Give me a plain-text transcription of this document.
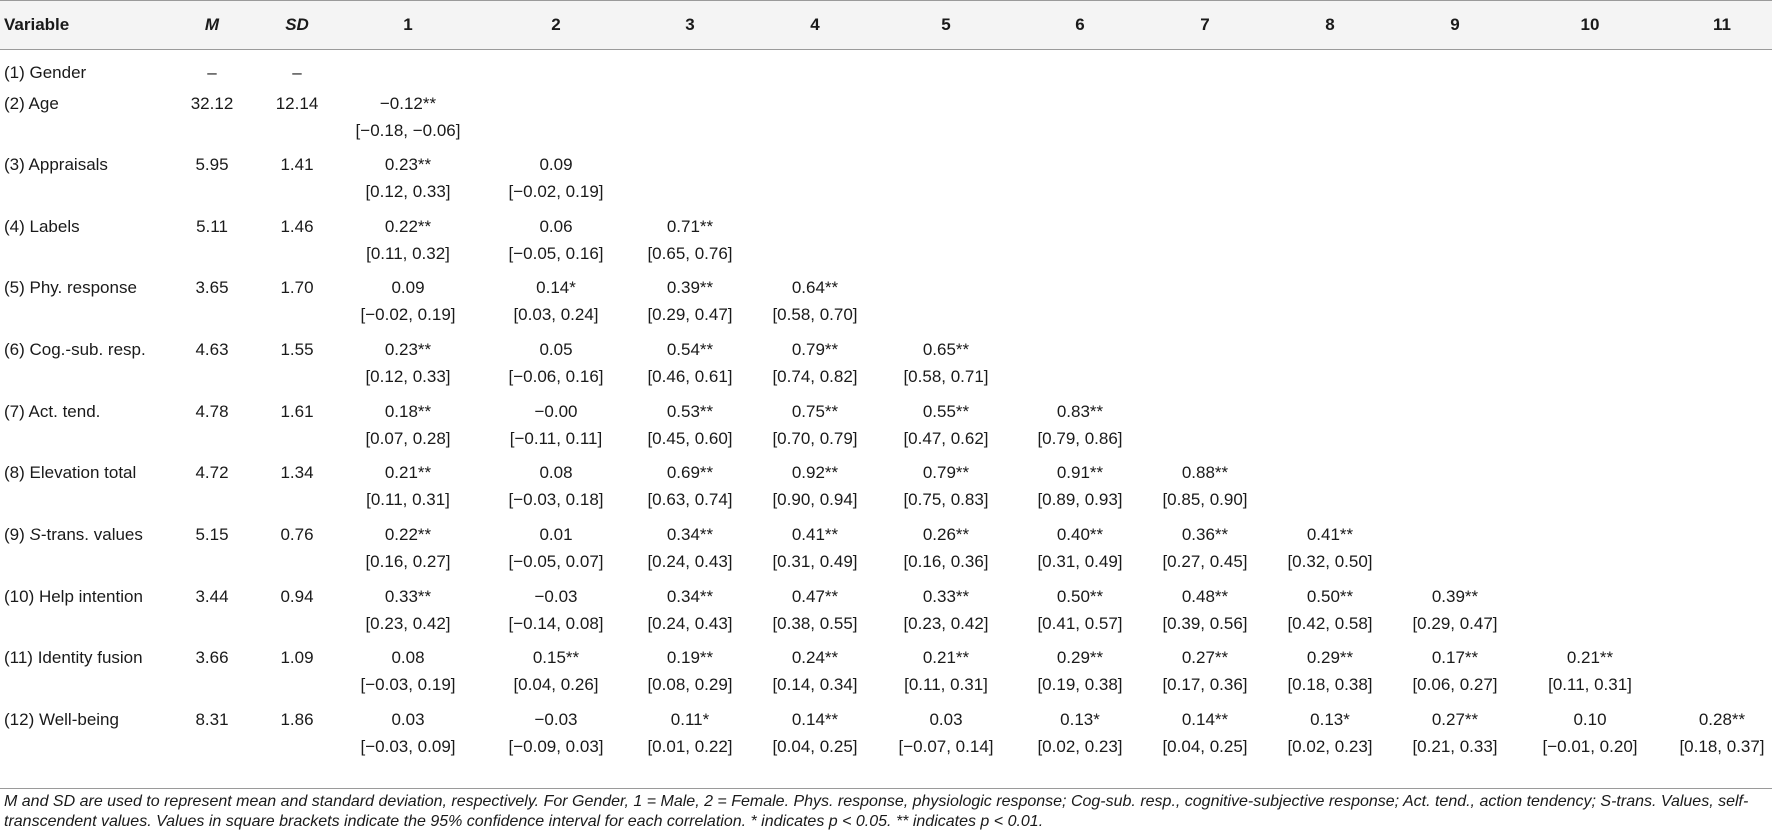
Variable	M	SD	1	2	3	4	5	6	7	8	9	10	11
(1) Gender	–	–
(2) Age	32.12 12.14	−0.12**
[−0.18, −0.06]
(3) Appraisals	5.95	1.41	0.23**	0.09
[0.12, 0.33]	[−0.02, 0.19]
(4) Labels	5.11	1.46	0.22**	0.06	0.71**
[0.11, 0.32]	[−0.05, 0.16]	[0.65, 0.76]
(5) Phy. response	3.65	1.70	0.09	0.14*	0.39**	0.64**
[−0.02, 0.19]	[0.03, 0.24]	[0.29, 0.47] [0.58, 0.70]
(6) Cog.-sub. resp.	4.63	1.55	0.23**	0.05	0.54**	0.79**	0.65**
[0.12, 0.33]	[−0.06, 0.16]	[0.46, 0.61] [0.74, 0.82]	[0.58, 0.71]
(7) Act. tend.	4.78	1.61	0.18**	−0.00	0.53**	0.75**	0.55**	0.83**
[0.07, 0.28]	[−0.11, 0.11]	[0.45, 0.60] [0.70, 0.79]	[0.47, 0.62]	[0.79, 0.86]
(8) Elevation total	4.72	1.34	0.21**	0.08	0.69**	0.92**	0.79**	0.91**	0.88**
[0.11, 0.31]	[−0.03, 0.18]	[0.63, 0.74] [0.90, 0.94]	[0.75, 0.83]	[0.89, 0.93] [0.85, 0.90]
(9) S-trans. values	5.15	0.76	0.22**	0.01	0.34**	0.41**	0.26**	0.40**	0.36**	0.41**
[0.16, 0.27]	[−0.05, 0.07]	[0.24, 0.43] [0.31, 0.49]	[0.16, 0.36]	[0.31, 0.49] [0.27, 0.45] [0.32, 0.50]
(10) Help intention	3.44	0.94	0.33**	−0.03	0.34**	0.47**	0.33**	0.50**	0.48**	0.50**	0.39**
[0.23, 0.42]	[−0.14, 0.08]	[0.24, 0.43] [0.38, 0.55]	[0.23, 0.42]	[0.41, 0.57] [0.39, 0.56] [0.42, 0.58] [0.29, 0.47]
(11) Identity fusion	3.66	1.09	0.08	0.15**	0.19**	0.24**	0.21**	0.29**	0.27**	0.29**	0.17**	0.21**
[−0.03, 0.19]	[0.04, 0.26]	[0.08, 0.29] [0.14, 0.34]	[0.11, 0.31]	[0.19, 0.38] [0.17, 0.36] [0.18, 0.38] [0.06, 0.27]	[0.11, 0.31]
(12) Well-being	8.31	1.86	0.03	−0.03	0.11*	0.14**	0.03	0.13*	0.14**	0.13*	0.27**	0.10	0.28**
[−0.03, 0.09]	[−0.09, 0.03]	[0.01, 0.22] [0.04, 0.25] [−0.07, 0.14]	[0.02, 0.23] [0.04, 0.25] [0.02, 0.23] [0.21, 0.33]	[−0.01, 0.20] [0.18, 0.37]
M and SD are used to represent mean and standard deviation, respectively. For Gender, 1 = Male, 2 = Female. Phys. response, physiologic response; Cog-sub. resp., cognitive-subjective response; Act. tend., action tendency; S-trans. Values, self-transcendent values. Values in square brackets indicate the 95% confidence interval for each correlation. * indicates p < 0.05. ** indicates p < 0.01.
